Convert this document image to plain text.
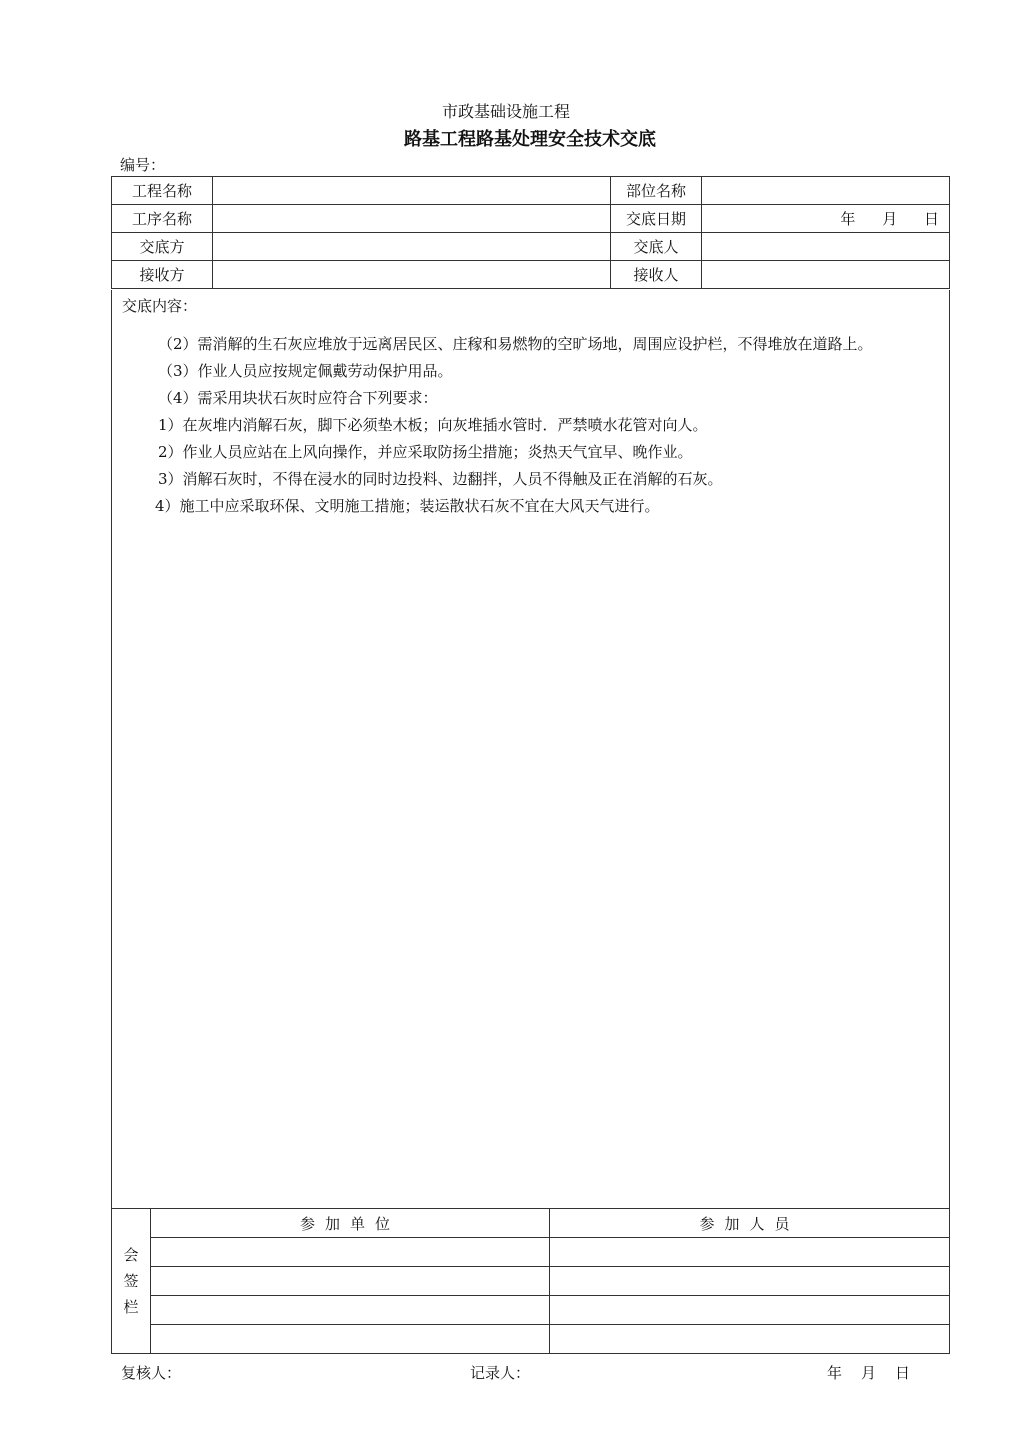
市政基础设施工程
路基工程路基处理安全技术交底
编号：
工程名称		部位名称	
工序名称		交底日期	年 月 日
交底方		交底人	
接收方		接收人	
交底内容：
（2）需消解的生石灰应堆放于远离居民区、庄稼和易燃物的空旷场地，周围应设护栏，不得堆放在道路上。
（3）作业人员应按规定佩戴劳动保护用品。
（4）需采用块状石灰时应符合下列要求：
1）在灰堆内消解石灰，脚下必须垫木板；向灰堆插水管时．严禁喷水花管对向人。
2）作业人员应站在上风向操作，并应采取防扬尘措施；炎热天气宜早、晚作业。
3）消解石灰时，不得在浸水的同时边投料、边翻拌，人员不得触及正在消解的石灰。
4）施工中应采取环保、文明施工措施；装运散状石灰不宜在大风天气进行。
会
签
栏	参加单位	参加人员

复核人：	记录人：	年 月 日
